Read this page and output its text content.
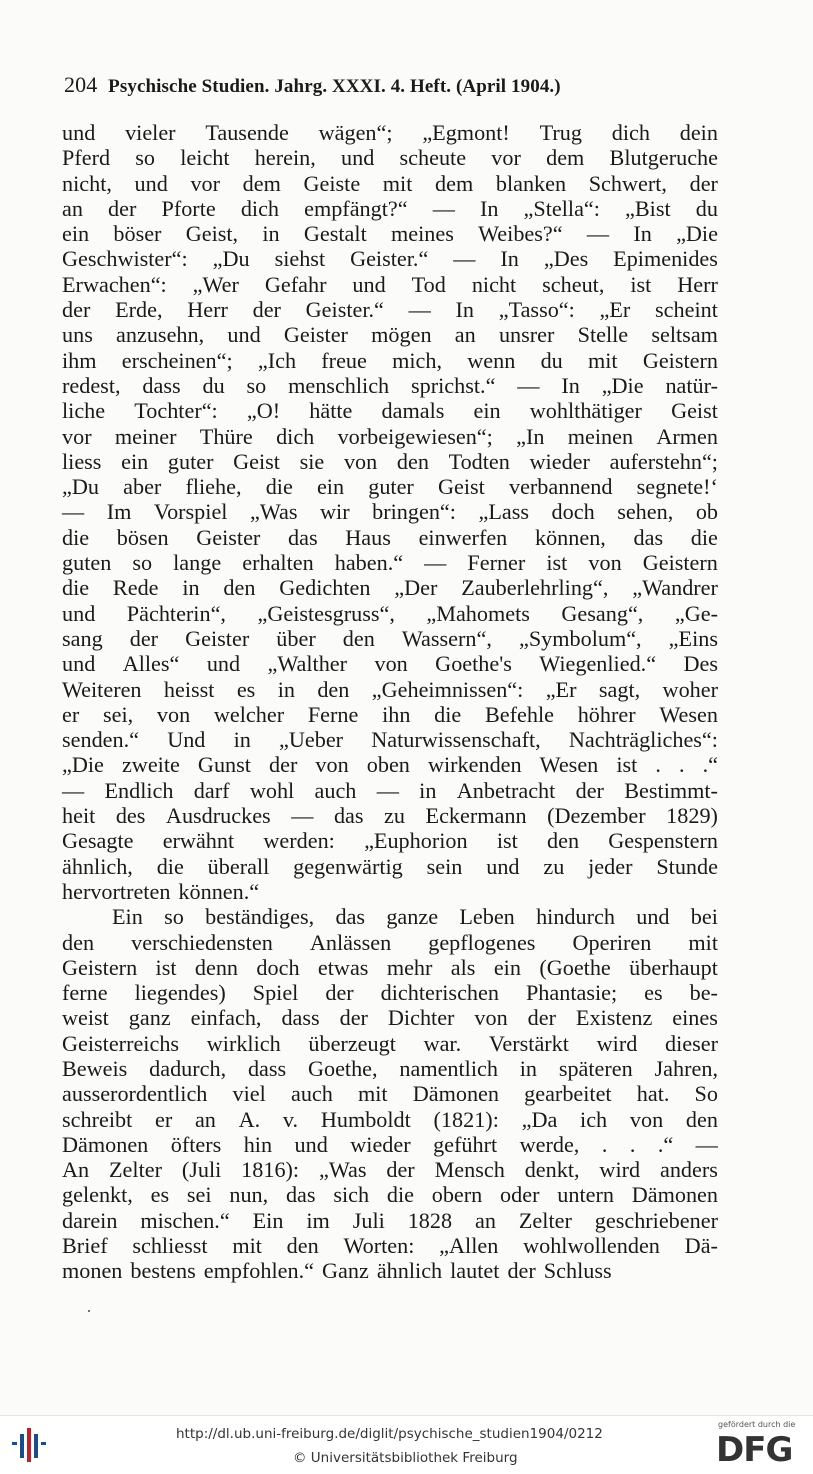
204 Psychische Studien. Jahrg. XXXI. 4. Heft. (April 1904.)
und vieler Tausende wägen“; „Egmont! Trug dich dein
Pferd so leicht herein, und scheute vor dem Blutgeruche
nicht, und vor dem Geiste mit dem blanken Schwert, der
an der Pforte dich empfängt?“ — In „Stella“: „Bist du
ein böser Geist, in Gestalt meines Weibes?“ — In „Die
Geschwister“: „Du siehst Geister.“ — In „Des Epimenides
Erwachen“: „Wer Gefahr und Tod nicht scheut, ist Herr
der Erde, Herr der Geister.“ — In „Tasso“: „Er scheint
uns anzusehn, und Geister mögen an unsrer Stelle seltsam
ihm erscheinen“; „Ich freue mich, wenn du mit Geistern
redest, dass du so menschlich sprichst.“ — In „Die natür-
liche Tochter“: „O! hätte damals ein wohlthätiger Geist
vor meiner Thüre dich vorbeigewiesen“; „In meinen Armen
liess ein guter Geist sie von den Todten wieder auferstehn“;
„Du aber fliehe, die ein guter Geist verbannend segnete!‘
— Im Vorspiel „Was wir bringen“: „Lass doch sehen, ob
die bösen Geister das Haus einwerfen können, das die
guten so lange erhalten haben.“ — Ferner ist von Geistern
die Rede in den Gedichten „Der Zauberlehrling“, „Wandrer
und Pächterin“, „Geistesgruss“, „Mahomets Gesang“, „Ge-
sang der Geister über den Wassern“, „Symbolum“, „Eins
und Alles“ und „Walther von Goethe's Wiegenlied.“ Des
Weiteren heisst es in den „Geheimnissen“: „Er sagt, woher
er sei, von welcher Ferne ihn die Befehle höhrer Wesen
senden.“ Und in „Ueber Naturwissenschaft, Nachträgliches“:
„Die zweite Gunst der von oben wirkenden Wesen ist . . .“
— Endlich darf wohl auch — in Anbetracht der Bestimmt-
heit des Ausdruckes — das zu Eckermann (Dezember 1829)
Gesagte erwähnt werden: „Euphorion ist den Gespenstern
ähnlich, die überall gegenwärtig sein und zu jeder Stunde
hervortreten können.“
Ein so beständiges, das ganze Leben hindurch und bei
den verschiedensten Anlässen gepflogenes Operiren mit
Geistern ist denn doch etwas mehr als ein (Goethe überhaupt
ferne liegendes) Spiel der dichterischen Phantasie; es be-
weist ganz einfach, dass der Dichter von der Existenz eines
Geisterreichs wirklich überzeugt war. Verstärkt wird dieser
Beweis dadurch, dass Goethe, namentlich in späteren Jahren,
ausserordentlich viel auch mit Dämonen gearbeitet hat. So
schreibt er an A. v. Humboldt (1821): „Da ich von den
Dämonen öfters hin und wieder geführt werde, . . .“ —
An Zelter (Juli 1816): „Was der Mensch denkt, wird anders
gelenkt, es sei nun, das sich die obern oder untern Dämonen
darein mischen.“ Ein im Juli 1828 an Zelter geschriebener
Brief schliesst mit den Worten: „Allen wohlwollenden Dä-
monen bestens empfohlen.“ Ganz ähnlich lautet der Schluss
http://dl.ub.uni-freiburg.de/diglit/psychische_studien1904/0212
© Universitätsbibliothek Freiburg
gefördert durch die
DFG
